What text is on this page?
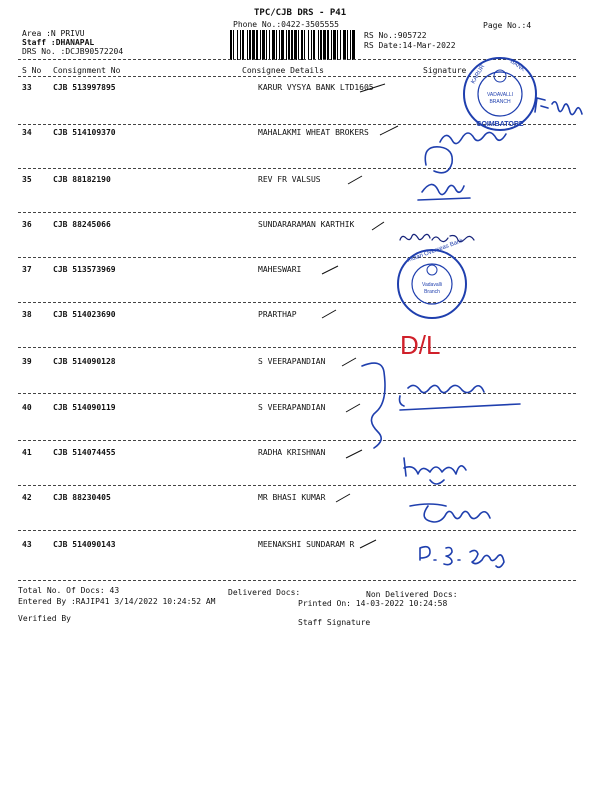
TPC/CJB DRS - P41
Phone No.:0422-3505555	Page No.:4
Area :N PRIVU
Staff :DHANAPAL
DRS No. :DCJB90572204
RS No.:905722
RS Date:14-Mar-2022
S No Consignment No	Consignee Details	Signature
33	CJB 513997895	KARUR VYSYA BANK LTD1605
34	CJB 514109370	MAHALAKMI WHEAT BROKERS
35	CJB 88182190	REV FR VALSUS
36	CJB 88245066	SUNDARARAMAN KARTHIK
37	CJB 513573969	MAHESWARI
38	CJB 514023690	PRARTHAP
39	CJB 514090128	S VEERAPANDIAN
40	CJB 514090119	S VEERAPANDIAN
41	CJB 514074455	RADHA KRISHNAN
42	CJB 88230405	MR BHASI KUMAR
43	CJB 514090143	MEENAKSHI SUNDARAM R
VADAVALLI
BRANCH
COIMBATORE
KARUR	BANK
Vadavalli
Branch
Indian Overseas Bank
D/L
Total No. Of Docs: 43	Delivered Docs:	Non Delivered Docs:
Entered By :RAJIP41 3/14/2022 10:24:52 AM	Printed On: 14-03-2022 10:24:58
Verified By	Staff Signature
